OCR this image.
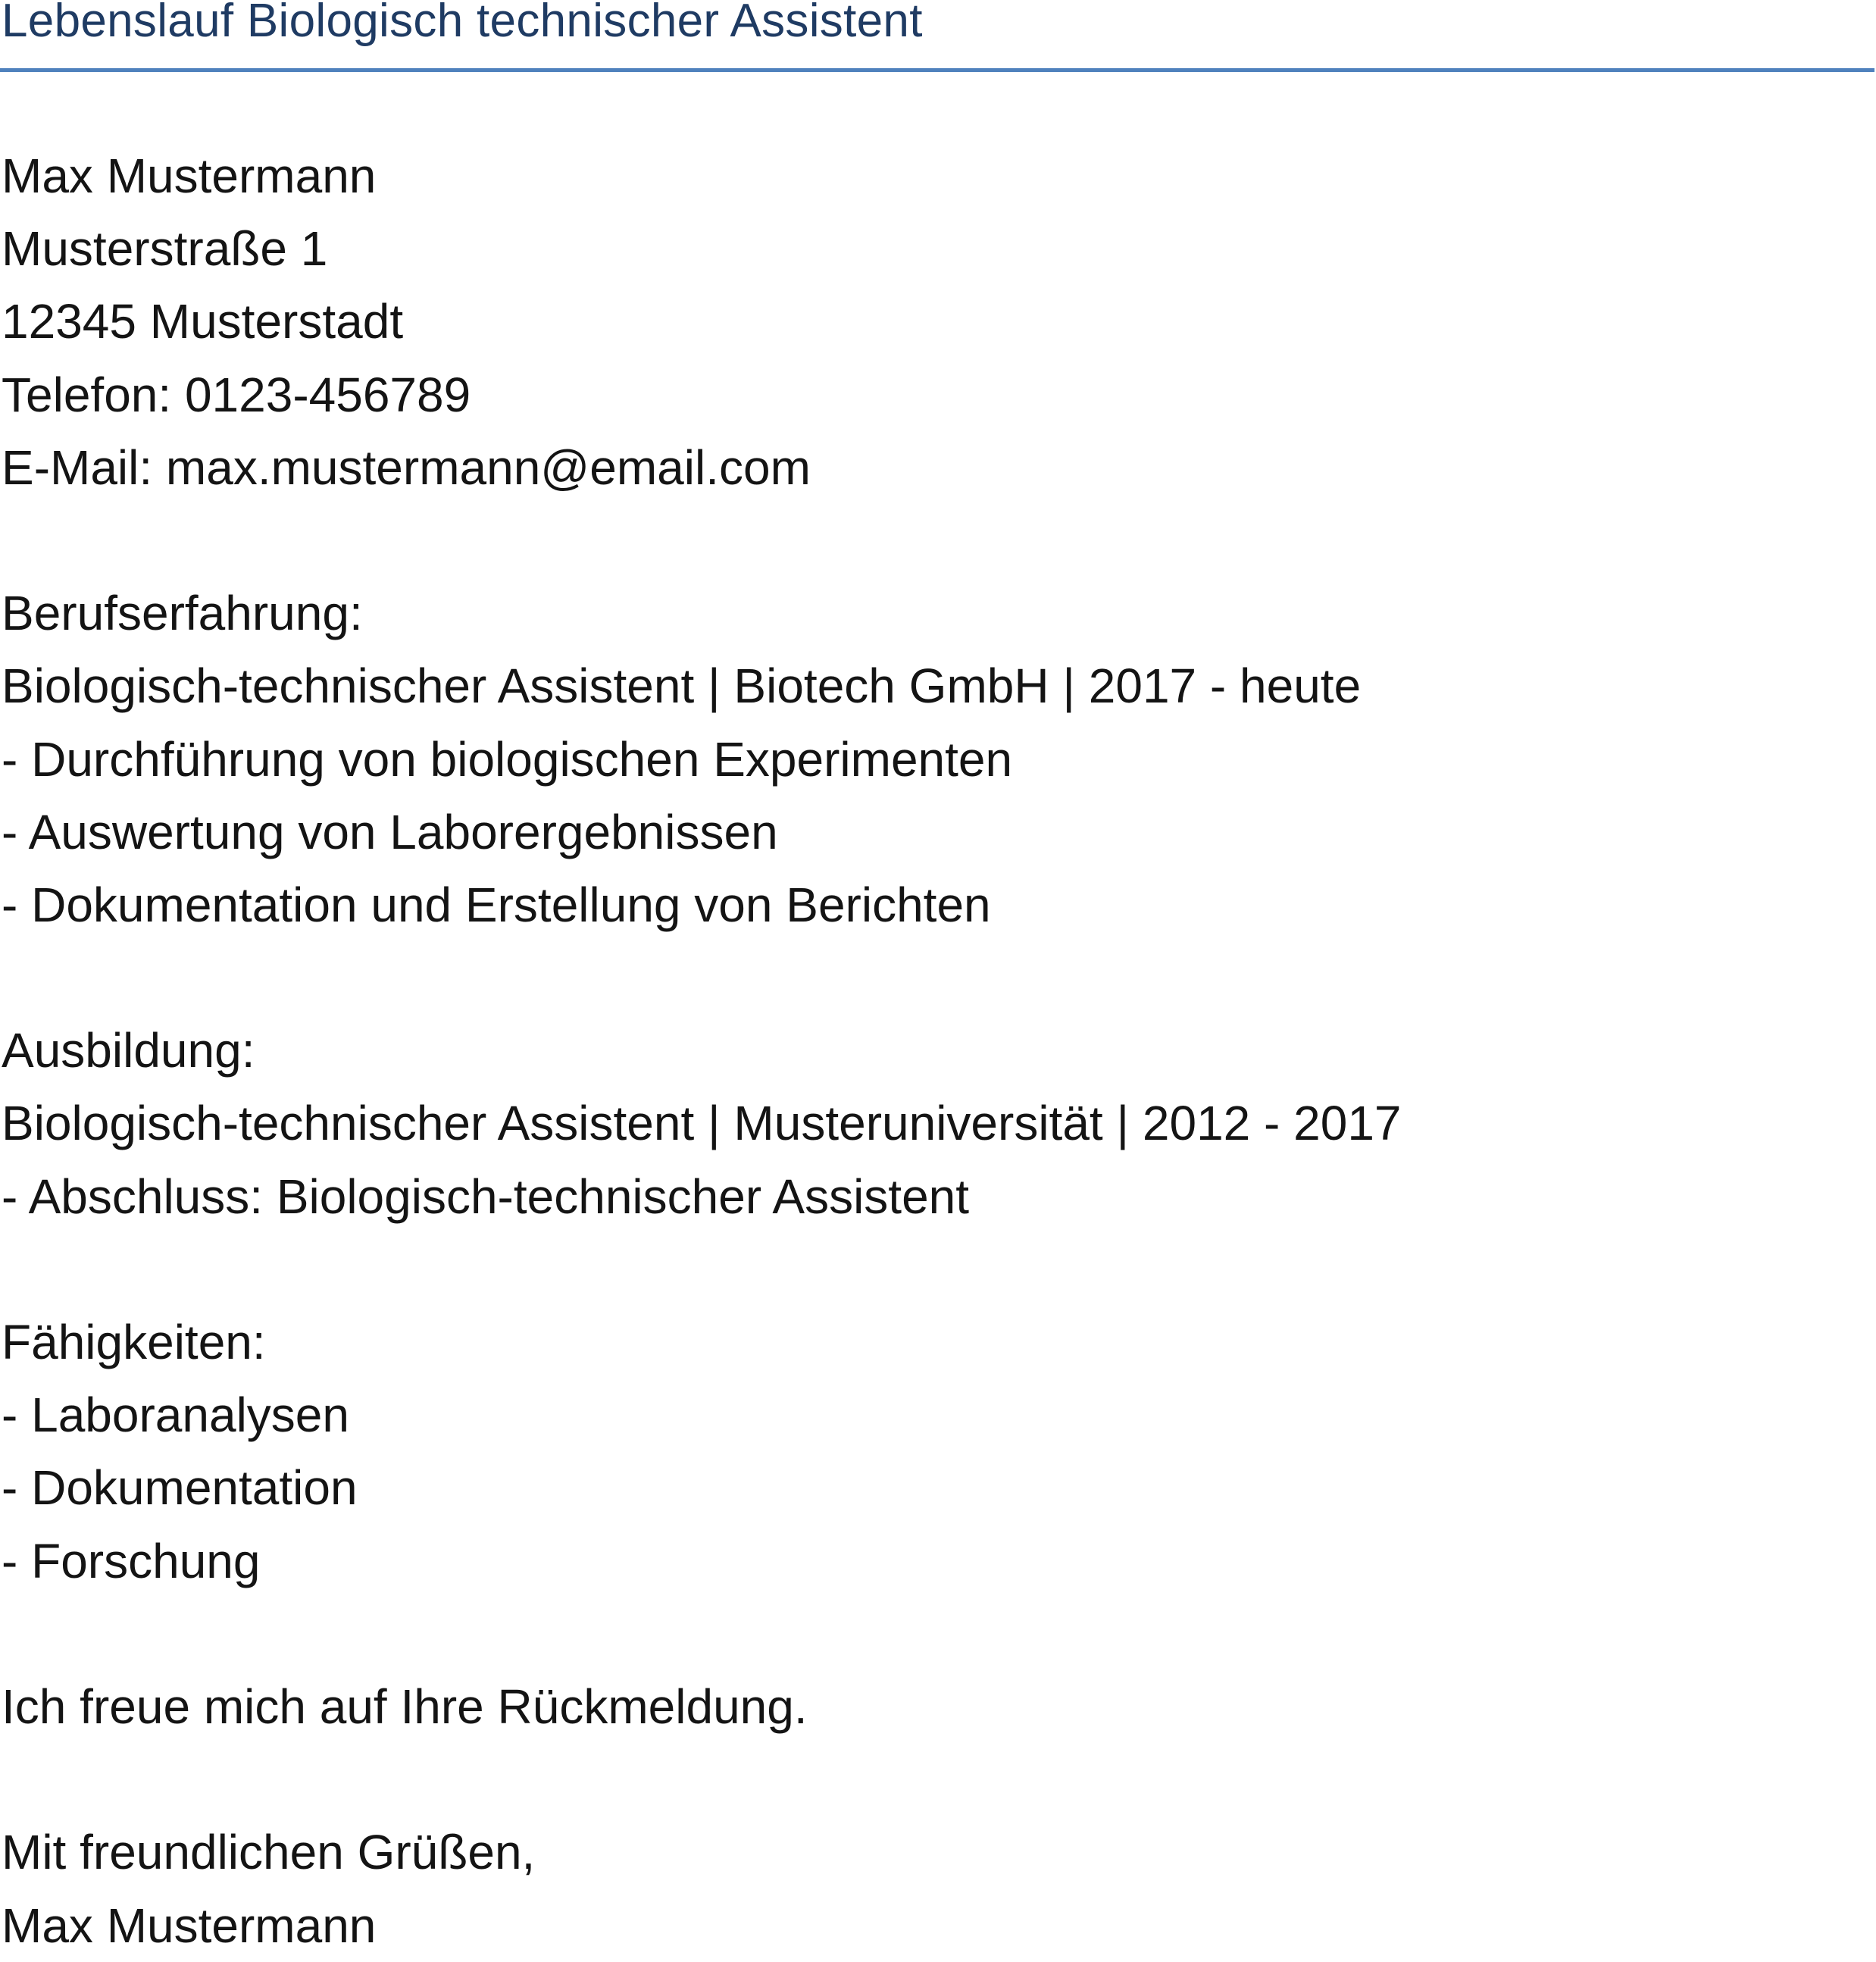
Lebenslauf Biologisch technischer Assistent
Max Mustermann
Musterstraße 1
12345 Musterstadt
Telefon: 0123-456789
E-Mail: max.mustermann@email.com
Berufserfahrung:
Biologisch-technischer Assistent | Biotech GmbH | 2017 - heute
- Durchführung von biologischen Experimenten
- Auswertung von Laborergebnissen
- Dokumentation und Erstellung von Berichten
Ausbildung:
Biologisch-technischer Assistent | Musteruniversität | 2012 - 2017
- Abschluss: Biologisch-technischer Assistent
Fähigkeiten:
- Laboranalysen
- Dokumentation
- Forschung
Ich freue mich auf Ihre Rückmeldung.
Mit freundlichen Grüßen,
Max Mustermann
